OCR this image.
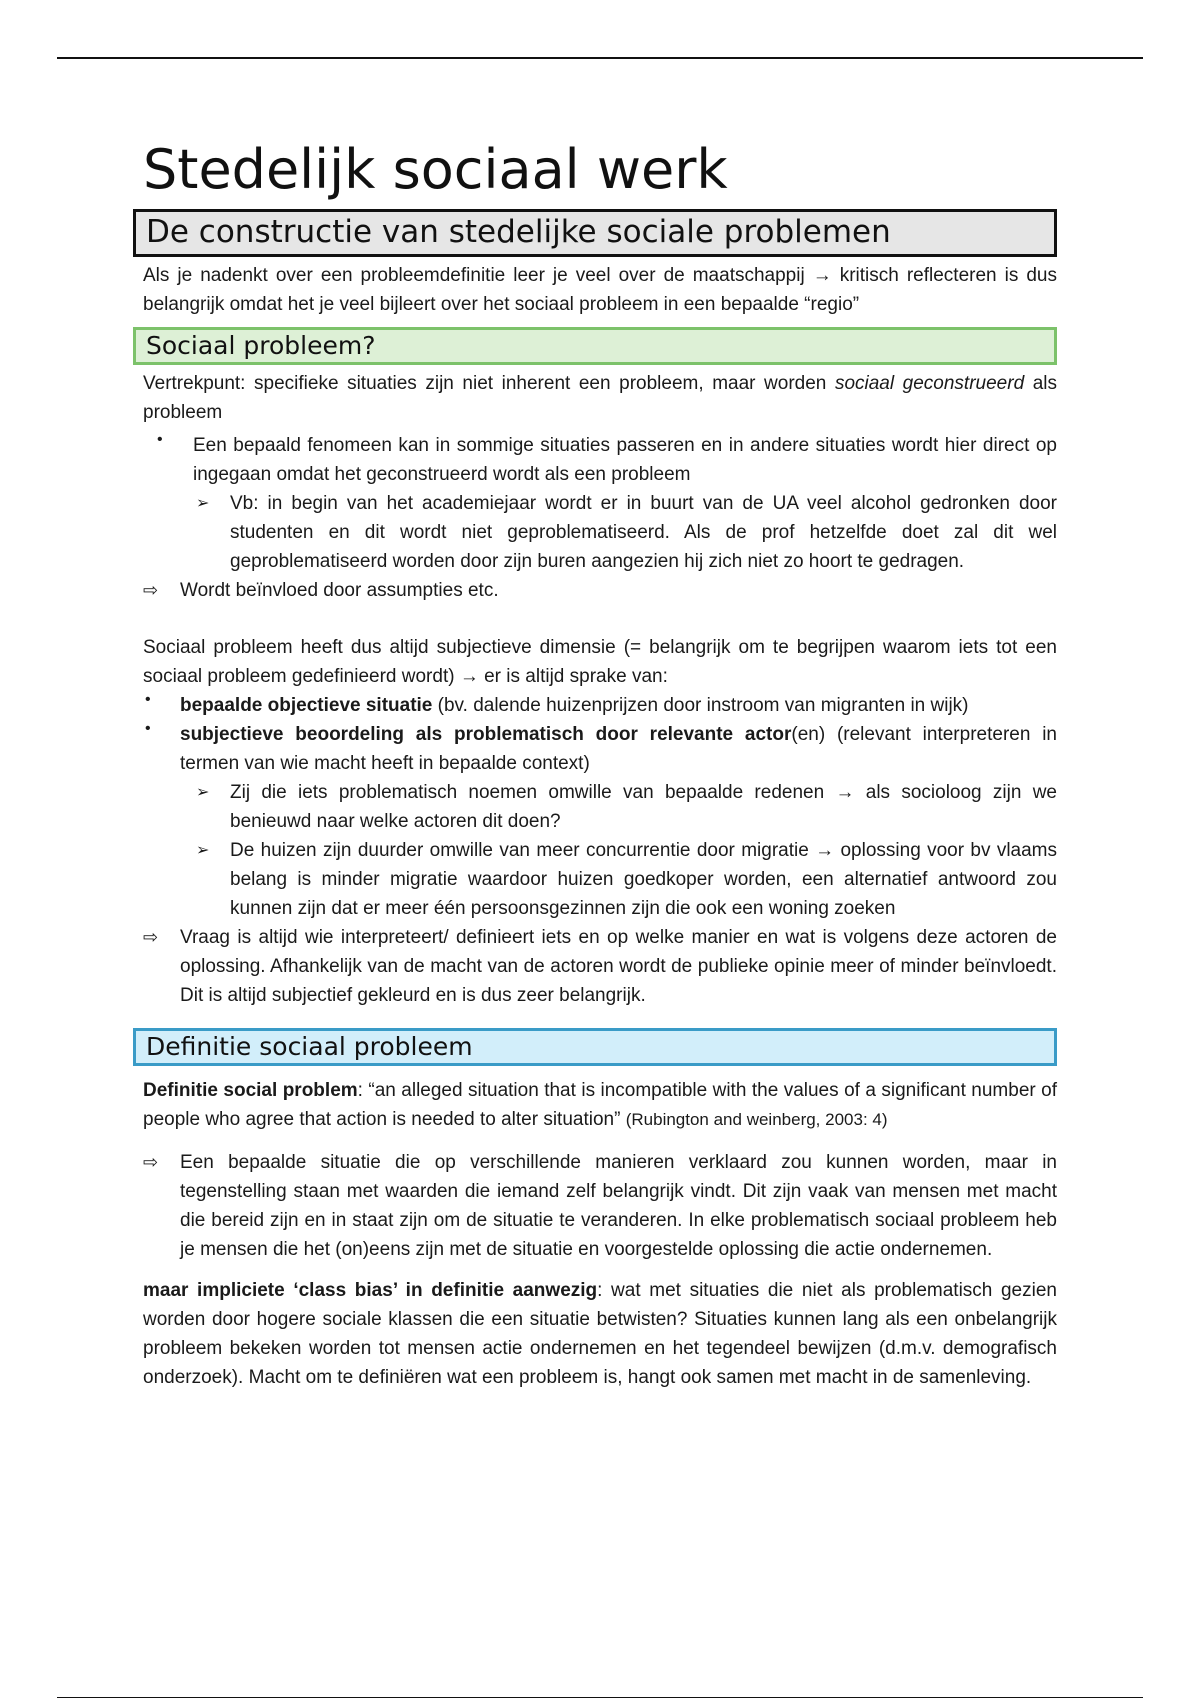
Stedelijk sociaal werk
De constructie van stedelijke sociale problemen

Als je nadenkt over een probleemdefinitie leer je veel over de maatschappij → kritisch reflecteren is dus belangrijk omdat het je veel bijleert over het sociaal probleem in een bepaalde “regio”

Sociaal probleem?

Vertrekpunt: specifieke situaties zijn niet inherent een probleem, maar worden sociaal geconstrueerd als probleem

• Een bepaald fenomeen kan in sommige situaties passeren en in andere situaties wordt hier direct op ingegaan omdat het geconstrueerd wordt als een probleem

➢ Vb: in begin van het academiejaar wordt er in buurt van de UA veel alcohol gedronken door studenten en dit wordt niet geproblematiseerd. Als de prof hetzelfde doet zal dit wel geproblematiseerd worden door zijn buren aangezien hij zich niet zo hoort te gedragen.

⇨ Wordt beïnvloed door assumpties etc.

Sociaal probleem heeft dus altijd subjectieve dimensie (= belangrijk om te begrijpen waarom iets tot een sociaal probleem gedefinieerd wordt) → er is altijd sprake van:

• bepaalde objectieve situatie (bv. dalende huizenprijzen door instroom van migranten in wijk)

• subjectieve beoordeling als problematisch door relevante actor(en) (relevant interpreteren in termen van wie macht heeft in bepaalde context)

➢ Zij die iets problematisch noemen omwille van bepaalde redenen → als socioloog zijn we benieuwd naar welke actoren dit doen?

➢ De huizen zijn duurder omwille van meer concurrentie door migratie → oplossing voor bv vlaams belang is minder migratie waardoor huizen goedkoper worden, een alternatief antwoord zou kunnen zijn dat er meer één persoonsgezinnen zijn die ook een woning zoeken

⇨ Vraag is altijd wie interpreteert/ definieert iets en op welke manier en wat is volgens deze actoren de oplossing. Afhankelijk van de macht van de actoren wordt de publieke opinie meer of minder beïnvloedt. Dit is altijd subjectief gekleurd en is dus zeer belangrijk.

Definitie sociaal probleem

Definitie social problem: “an alleged situation that is incompatible with the values of a significant number of people who agree that action is needed to alter situation” (Rubington and weinberg, 2003: 4)

⇨ Een bepaalde situatie die op verschillende manieren verklaard zou kunnen worden, maar in tegenstelling staan met waarden die iemand zelf belangrijk vindt. Dit zijn vaak van mensen met macht die bereid zijn en in staat zijn om de situatie te veranderen. In elke problematisch sociaal probleem heb je mensen die het (on)eens zijn met de situatie en voorgestelde oplossing die actie ondernemen.

maar impliciete ‘class bias’ in definitie aanwezig: wat met situaties die niet als problematisch gezien worden door hogere sociale klassen die een situatie betwisten? Situaties kunnen lang als een onbelangrijk probleem bekeken worden tot mensen actie ondernemen en het tegendeel bewijzen (d.m.v. demografisch onderzoek). Macht om te definiëren wat een probleem is, hangt ook samen met macht in de samenleving.
